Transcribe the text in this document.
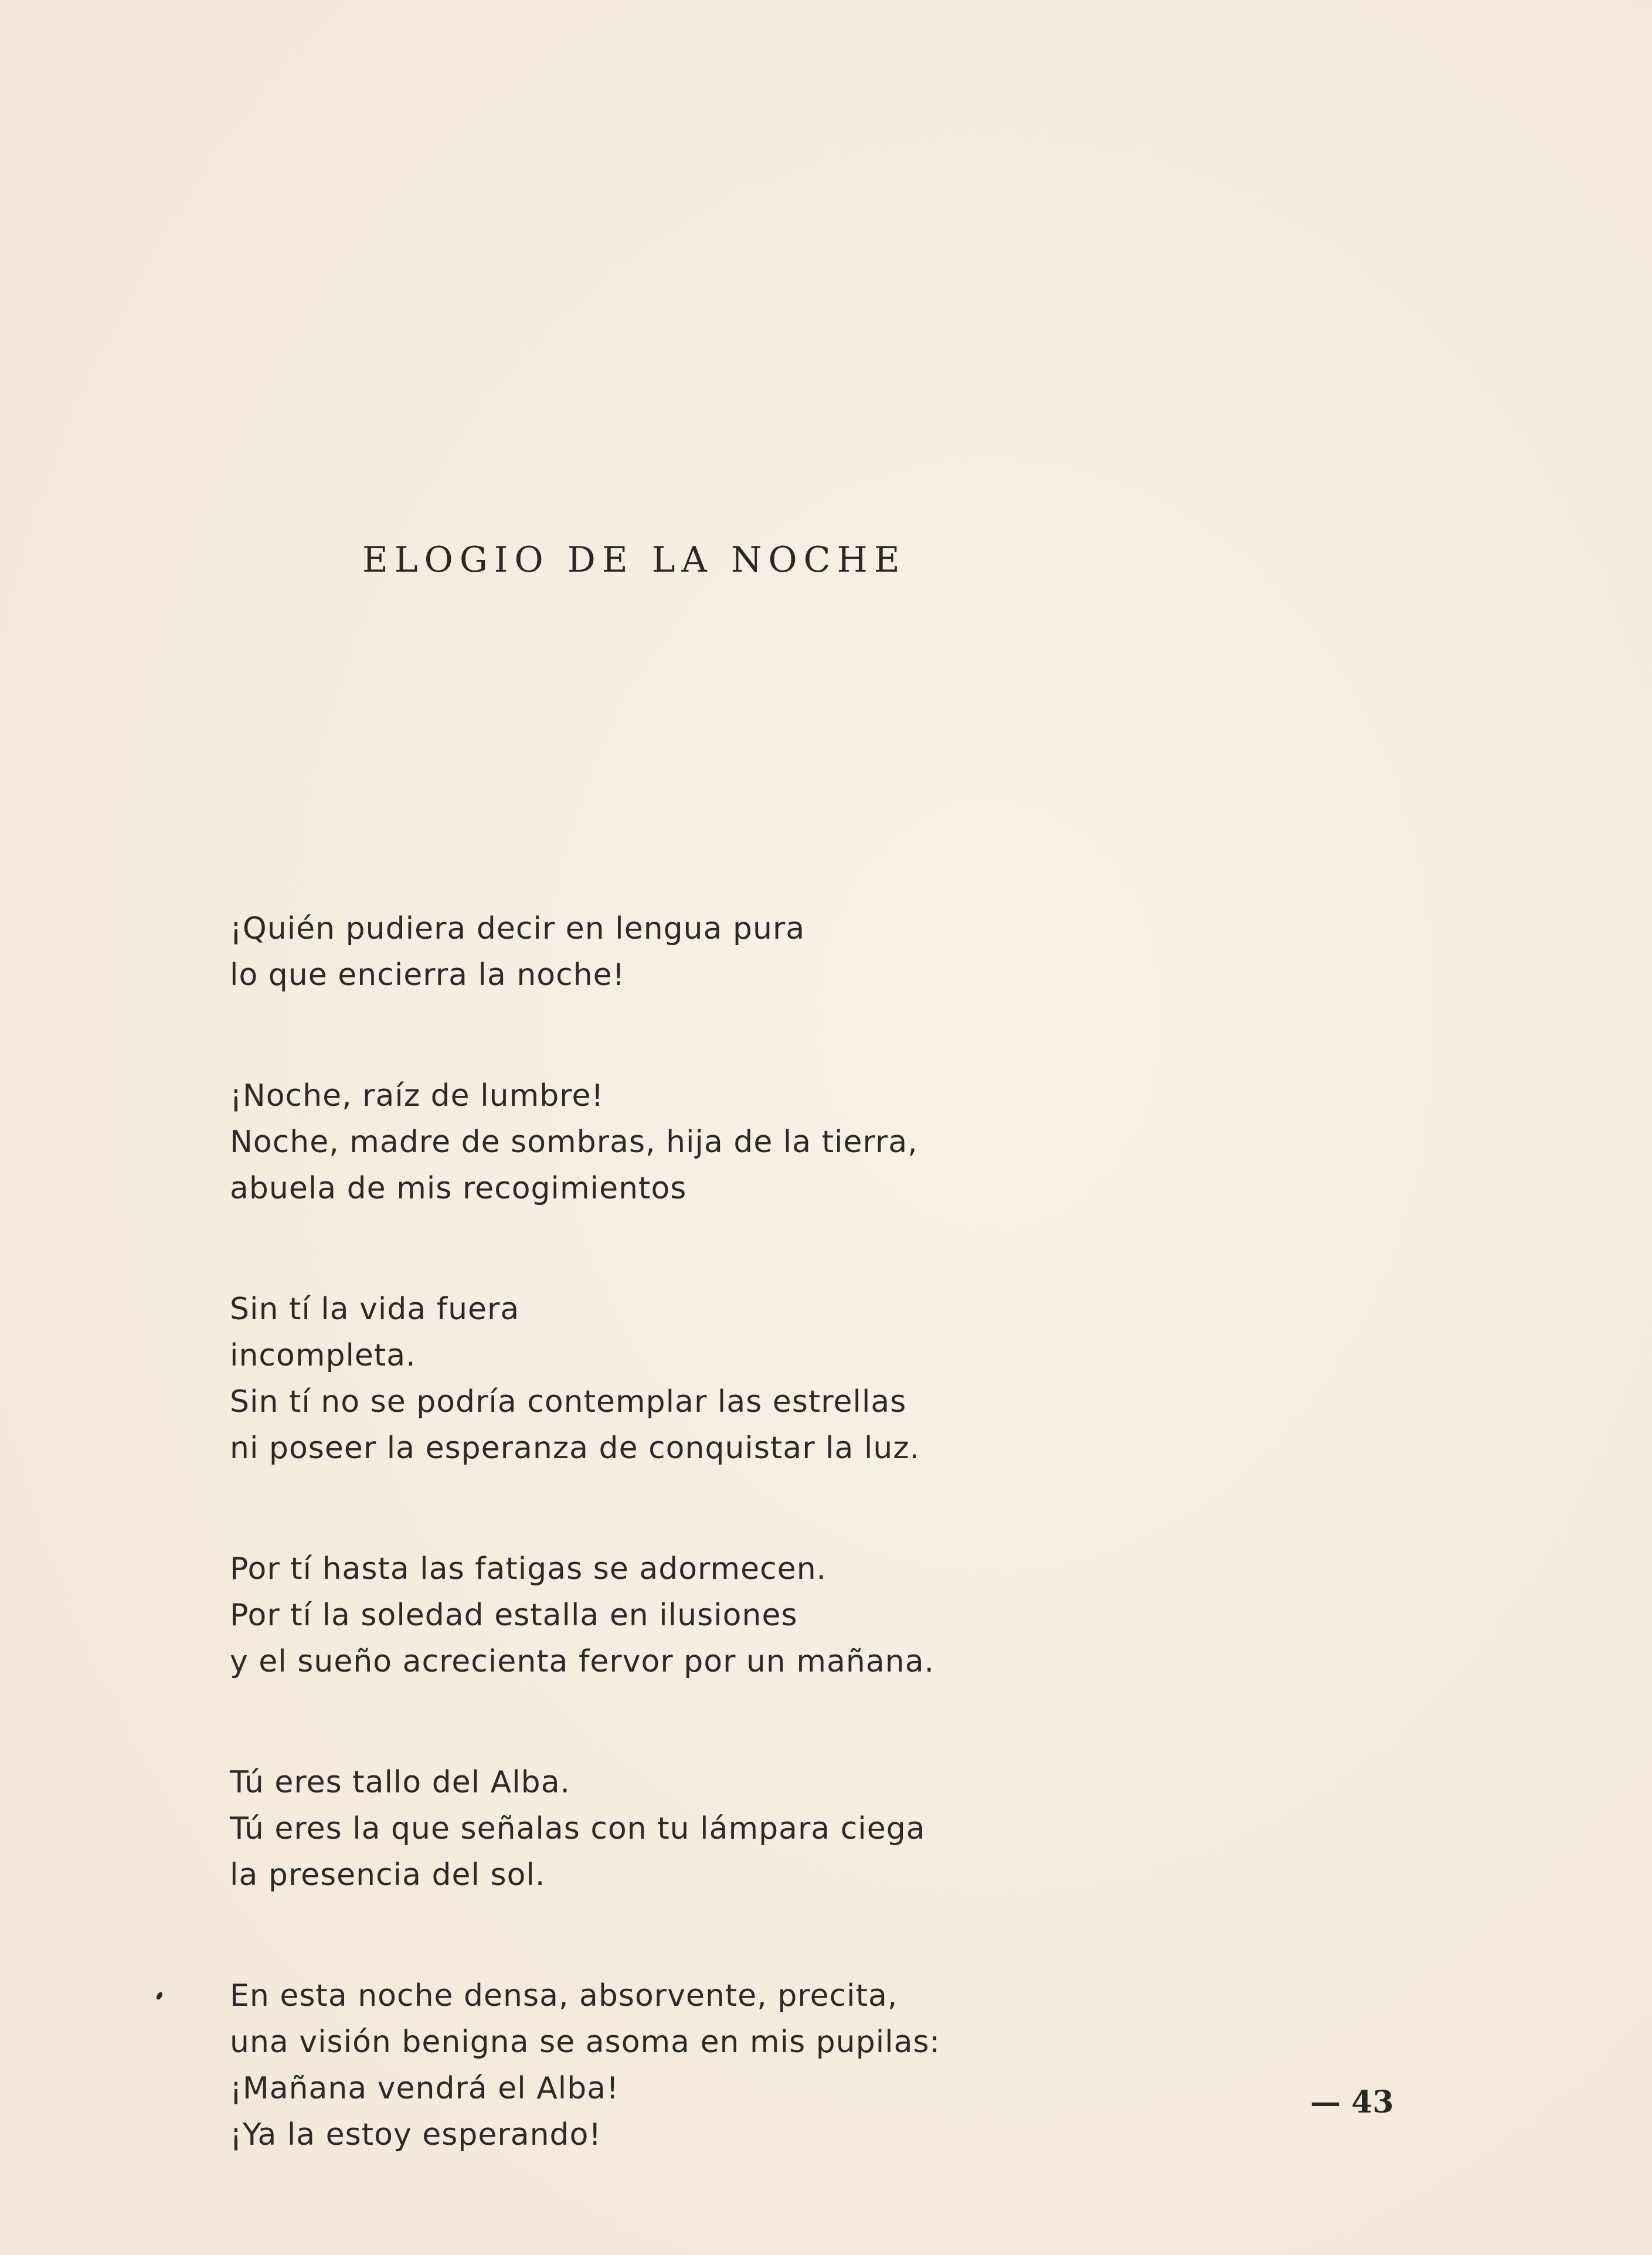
ELOGIO DE LA NOCHE
¡Quién pudiera decir en lengua pura
lo que encierra la noche!
¡Noche, raíz de lumbre!
Noche, madre de sombras, hija de la tierra,
abuela de mis recogimientos
Sin tí la vida fuera
incompleta.
Sin tí no se podría contemplar las estrellas
ni poseer la esperanza de conquistar la luz.
Por tí hasta las fatigas se adormecen.
Por tí la soledad estalla en ilusiones
y el sueño acrecienta fervor por un mañana.
Tú eres tallo del Alba.
Tú eres la que señalas con tu lámpara ciega
la presencia del sol.
En esta noche densa, absorvente, precita,
una visión benigna se asoma en mis pupilas:
¡Mañana vendrá el Alba!
¡Ya la estoy esperando!
— 43
